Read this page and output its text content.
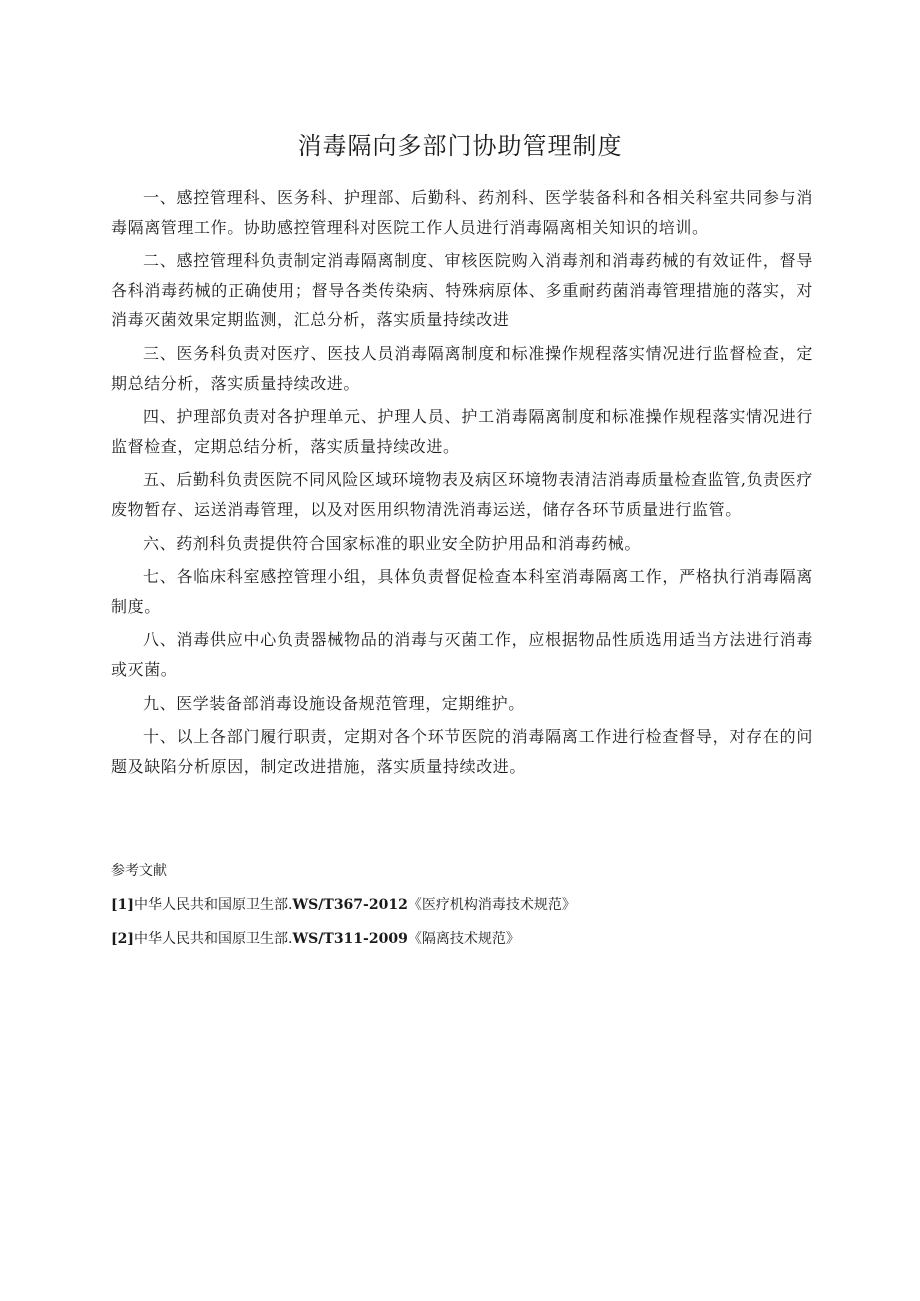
消毒隔向多部门协助管理制度

一、感控管理科、医务科、护理部、后勤科、药剂科、医学装备科和各相关科室共同参与消毒隔离管理工作。协助感控管理科对医院工作人员进行消毒隔离相关知识的培训。

二、感控管理科负责制定消毒隔离制度、审核医院购入消毒剂和消毒药械的有效证件，督导各科消毒药械的正确使用；督导各类传染病、特殊病原体、多重耐药菌消毒管理措施的落实，对消毒灭菌效果定期监测，汇总分析，落实质量持续改进

三、医务科负责对医疗、医技人员消毒隔离制度和标准操作规程落实情况进行监督检查，定期总结分析，落实质量持续改进。

四、护理部负责对各护理单元、护理人员、护工消毒隔离制度和标准操作规程落实情况进行监督检查，定期总结分析，落实质量持续改进。

五、后勤科负责医院不同风险区域环境物表及病区环境物表清洁消毒质量检查监管,负责医疗废物暂存、运送消毒管理，以及对医用织物清洗消毒运送，储存各环节质量进行监管。

六、药剂科负责提供符合国家标准的职业安全防护用品和消毒药械。

七、各临床科室感控管理小组，具体负责督促检查本科室消毒隔离工作，严格执行消毒隔离制度。

八、消毒供应中心负责器械物品的消毒与灭菌工作，应根据物品性质选用适当方法进行消毒或灭菌。

九、医学装备部消毒设施设备规范管理，定期维护。

十、以上各部门履行职责，定期对各个环节医院的消毒隔离工作进行检查督导，对存在的问题及缺陷分析原因，制定改进措施，落实质量持续改进。

参考文献

[1]中华人民共和国原卫生部.WS/T367-2012《医疗机构消毒技术规范》

[2]中华人民共和国原卫生部.WS/T311-2009《隔离技术规范》
